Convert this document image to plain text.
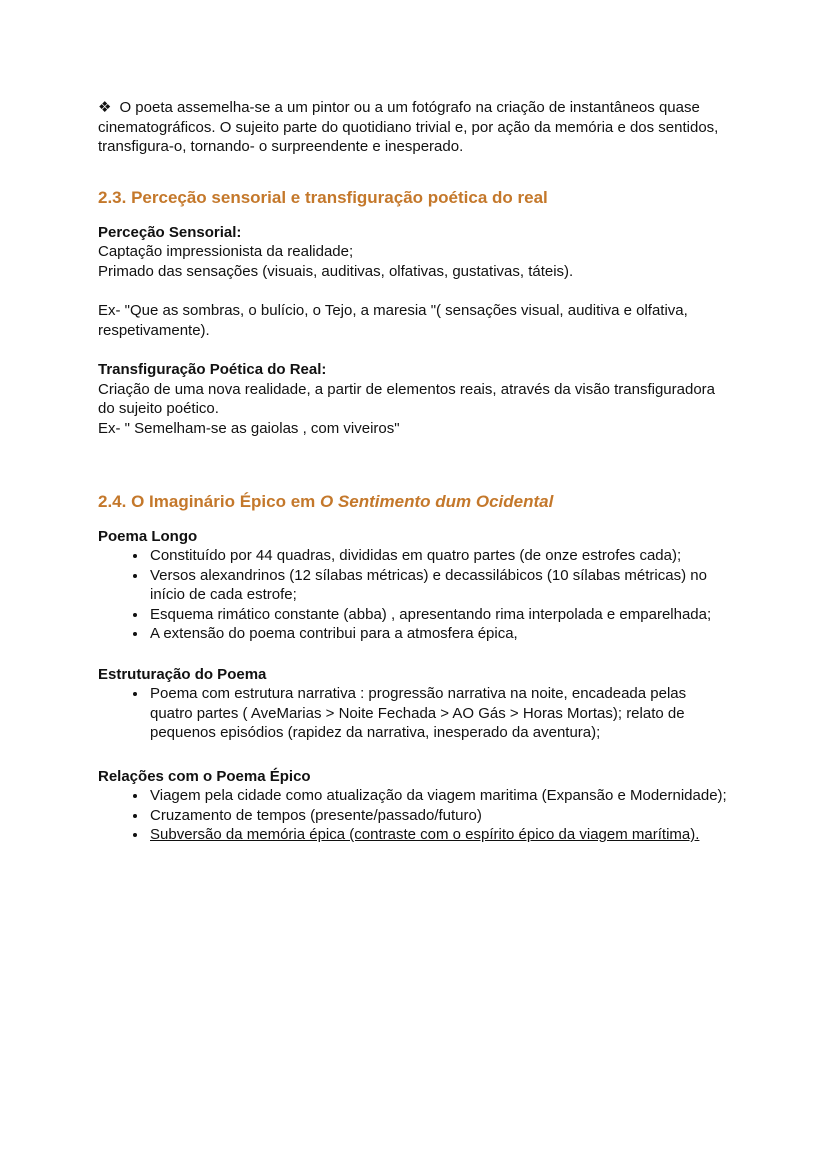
❖ O poeta assemelha-se a um pintor ou a um fotógrafo na criação de instantâneos quase cinematográficos. O sujeito parte do quotidiano trivial e, por ação da memória e dos sentidos, transfigura-o, tornando- o surpreendente e inesperado.

2.3. Perceção sensorial e transfiguração poética do real

Perceção Sensorial:

Captação impressionista da realidade;

Primado das sensações (visuais, auditivas, olfativas, gustativas, táteis).

Ex- "Que as sombras, o bulício, o Tejo, a maresia "( sensações visual, auditiva e olfativa, respetivamente).

Transfiguração Poética do Real:

Criação de uma nova realidade, a partir de elementos reais, através da visão transfiguradora do sujeito poético.

Ex- " Semelham-se as gaiolas , com viveiros"

2.4. O Imaginário Épico em O Sentimento dum Ocidental

Poema Longo

• Constituído por 44 quadras, divididas em quatro partes (de onze estrofes cada);
• Versos alexandrinos (12 sílabas métricas) e decassilábicos (10 sílabas métricas) no início de cada estrofe;
• Esquema rimático constante (abba) , apresentando rima interpolada e emparelhada;
• A extensão do poema contribui para a atmosfera épica,

Estruturação do Poema

• Poema com estrutura narrativa : progressão narrativa na noite, encadeada pelas quatro partes ( AveMarias > Noite Fechada > AO Gás > Horas Mortas); relato de pequenos episódios (rapidez da narrativa, inesperado da aventura);

Relações com o Poema Épico

• Viagem pela cidade como atualização da viagem maritima (Expansão e Modernidade);
• Cruzamento de tempos (presente/passado/futuro)
• Subversão da memória épica (contraste com o espírito épico da viagem marítima).
